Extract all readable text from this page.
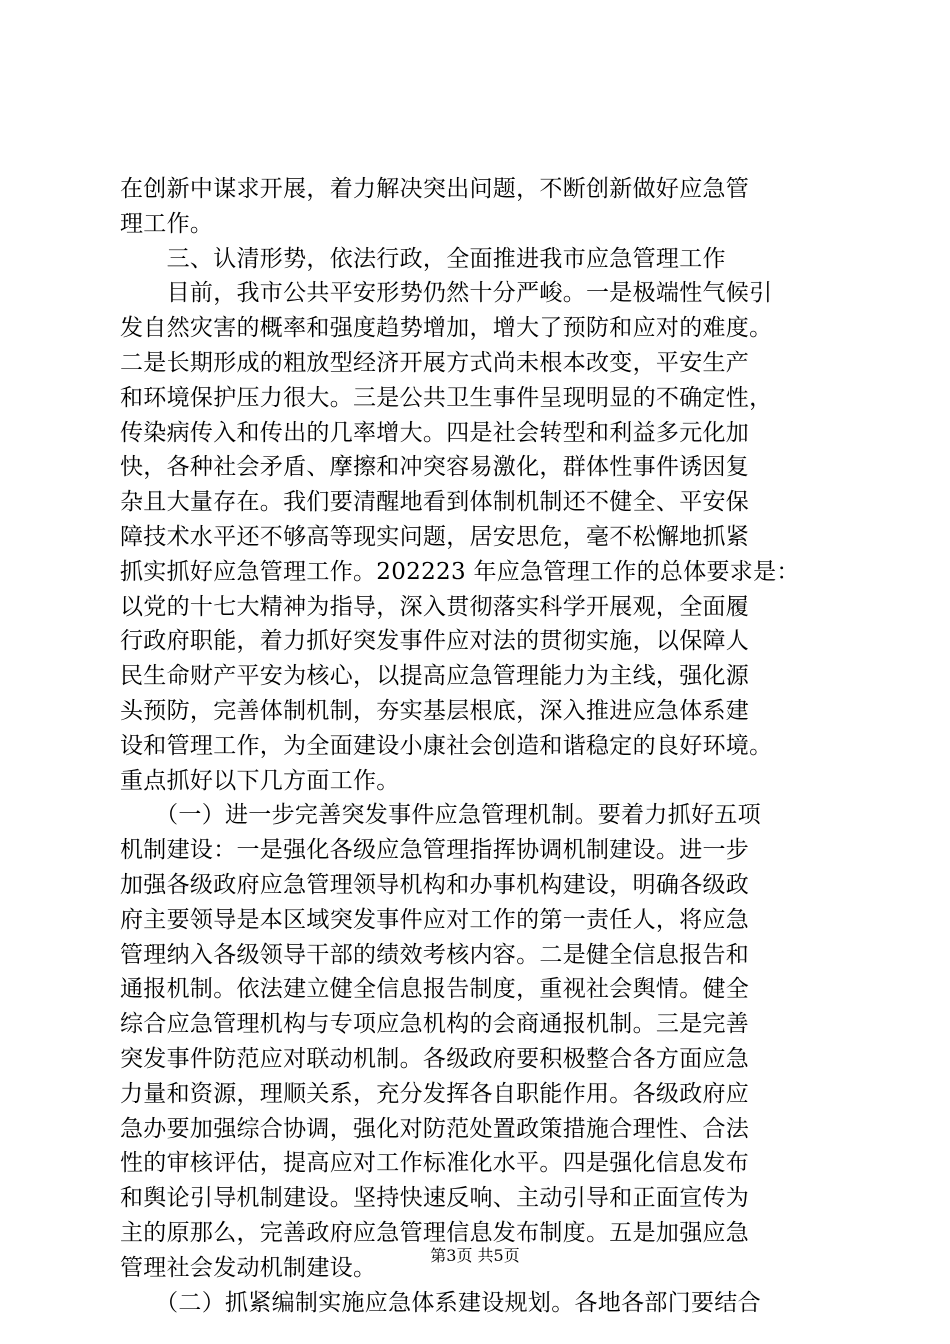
在创新中谋求开展，着力解决突出问题，不断创新做好应急管
理工作。
　　三、认清形势，依法行政，全面推进我市应急管理工作
　　目前，我市公共平安形势仍然十分严峻。一是极端性气候引
发自然灾害的概率和强度趋势增加，增大了预防和应对的难度。
二是长期形成的粗放型经济开展方式尚未根本改变，平安生产
和环境保护压力很大。三是公共卫生事件呈现明显的不确定性，
传染病传入和传出的几率增大。四是社会转型和利益多元化加
快，各种社会矛盾、摩擦和冲突容易激化，群体性事件诱因复
杂且大量存在。我们要清醒地看到体制机制还不健全、平安保
障技术水平还不够高等现实问题，居安思危，毫不松懈地抓紧
抓实抓好应急管理工作。202223 年应急管理工作的总体要求是：
以党的十七大精神为指导，深入贯彻落实科学开展观，全面履
行政府职能，着力抓好突发事件应对法的贯彻实施，以保障人
民生命财产平安为核心，以提高应急管理能力为主线，强化源
头预防，完善体制机制，夯实基层根底，深入推进应急体系建
设和管理工作，为全面建设小康社会创造和谐稳定的良好环境。
重点抓好以下几方面工作。
　　（一）进一步完善突发事件应急管理机制。要着力抓好五项
机制建设：一是强化各级应急管理指挥协调机制建设。进一步
加强各级政府应急管理领导机构和办事机构建设，明确各级政
府主要领导是本区域突发事件应对工作的第一责任人，将应急
管理纳入各级领导干部的绩效考核内容。二是健全信息报告和
通报机制。依法建立健全信息报告制度，重视社会舆情。健全
综合应急管理机构与专项应急机构的会商通报机制。三是完善
突发事件防范应对联动机制。各级政府要积极整合各方面应急
力量和资源，理顺关系，充分发挥各自职能作用。各级政府应
急办要加强综合协调，强化对防范处置政策措施合理性、合法
性的审核评估，提高应对工作标准化水平。四是强化信息发布
和舆论引导机制建设。坚持快速反响、主动引导和正面宣传为
主的原那么，完善政府应急管理信息发布制度。五是加强应急
管理社会发动机制建设。
　　（二）抓紧编制实施应急体系建设规划。各地各部门要结合
第3页 共5页
